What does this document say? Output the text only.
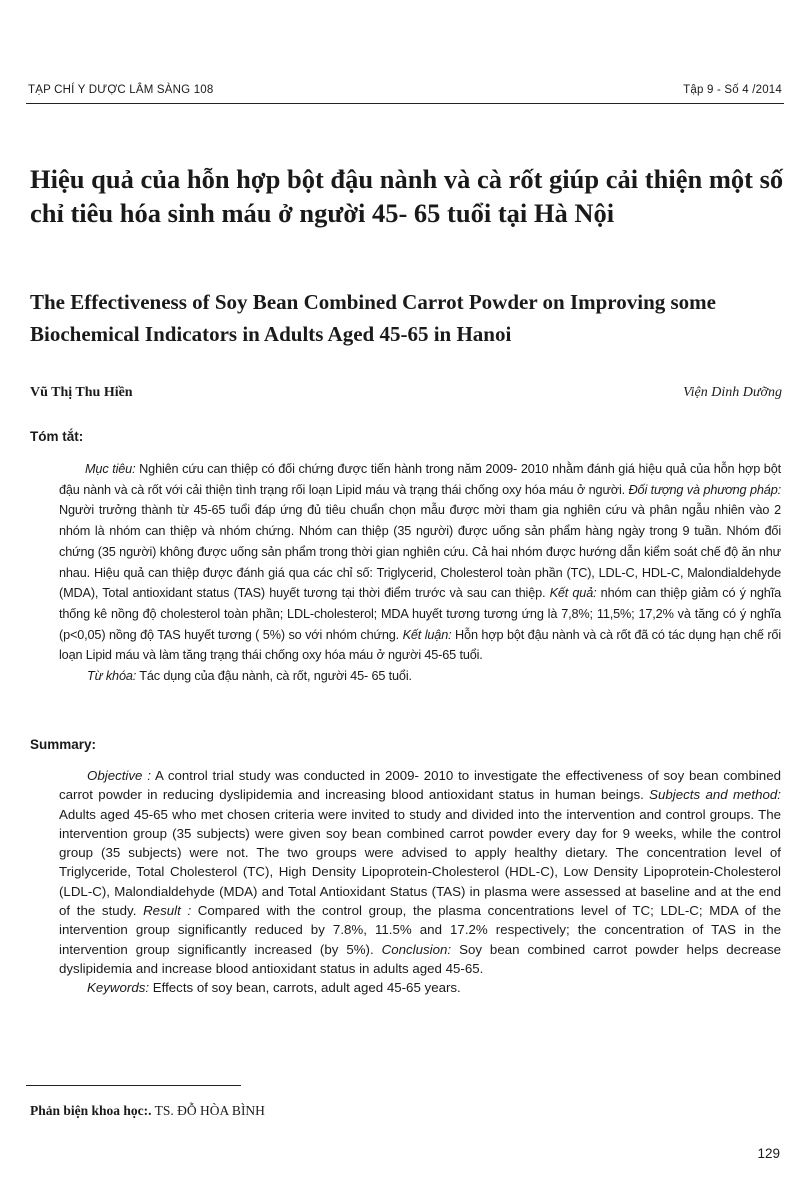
TẠP CHÍ Y DƯỢC LÂM SÀNG 108	Tập 9 - Số 4 /2014
Hiệu quả của hỗn hợp bột đậu nành và cà rốt giúp cải thiện một số chỉ tiêu hóa sinh máu ở người 45- 65 tuổi tại Hà Nội
The Effectiveness of Soy Bean Combined Carrot Powder on Improving some Biochemical Indicators in Adults Aged 45-65 in Hanoi
Vũ Thị Thu Hiền	Viện Dinh Dưỡng
Tóm tắt:

Mục tiêu: Nghiên cứu can thiệp có đối chứng được tiến hành trong năm 2009- 2010 nhằm đánh giá hiệu quả của hỗn hợp bột đậu nành và cà rốt với cải thiện tình trạng rối loạn Lipid máu và trạng thái chống oxy hóa máu ở người. Đối tượng và phương pháp: Người trưởng thành từ 45-65 tuổi đáp ứng đủ tiêu chuẩn chọn mẫu được mời tham gia nghiên cứu và phân ngẫu nhiên vào 2 nhóm là nhóm can thiệp và nhóm chứng. Nhóm can thiệp (35 người) được uống sản phẩm hàng ngày trong 9 tuần. Nhóm đối chứng (35 người) không được uống sản phẩm trong thời gian nghiên cứu. Cả hai nhóm được hướng dẫn kiểm soát chế độ ăn như nhau. Hiệu quả can thiệp được đánh giá qua các chỉ số: Triglycerid, Cholesterol toàn phần (TC), LDL-C, HDL-C, Malondialdehyde (MDA), Total antioxidant status (TAS) huyết tương tại thời điểm trước và sau can thiệp. Kết quả: nhóm can thiệp giảm có ý nghĩa thống kê nồng độ cholesterol toàn phần; LDL-cholesterol; MDA huyết tương tương ứng là 7,8%; 11,5%; 17,2% và tăng có ý nghĩa (p<0,05) nồng độ TAS huyết tương ( 5%) so với nhóm chứng. Kết luận: Hỗn hợp bột đậu nành và cà rốt đã có tác dụng hạn chế rối loạn Lipid máu và làm tăng trạng thái chống oxy hóa máu ở người 45-65 tuổi.

Từ khóa: Tác dụng của đậu nành, cà rốt, người 45- 65 tuổi.
Summary:

Objective : A control trial study was conducted in 2009- 2010 to investigate the effectiveness of soy bean combined carrot powder in reducing dyslipidemia and increasing blood antioxidant status in human beings. Subjects and method: Adults aged 45-65 who met chosen criteria were invited to study and divided into the intervention and control groups. The intervention group (35 subjects) were given soy bean combined carrot powder every day for 9 weeks, while the control group (35 subjects) were not. The two groups were advised to apply healthy dietary. The concentration level of Triglyceride, Total Cholesterol (TC), High Density Lipoprotein-Cholesterol (HDL-C), Low Density Lipoprotein-Cholesterol (LDL-C), Malondialdehyde (MDA) and Total Antioxidant Status (TAS) in plasma were assessed at baseline and at the end of the study. Result : Compared with the control group, the plasma concentrations level of TC; LDL-C; MDA of the intervention group significantly reduced by 7.8%, 11.5% and 17.2% respectively; the concentration of TAS in the intervention group significantly increased (by 5%). Conclusion: Soy bean combined carrot powder helps decrease dyslipidemia and increase blood antioxidant status in adults aged 45-65.

Keywords: Effects of soy bean, carrots, adult aged 45-65 years.
Phản biện khoa học:. TS. ĐỖ HÒA BÌNH
129
